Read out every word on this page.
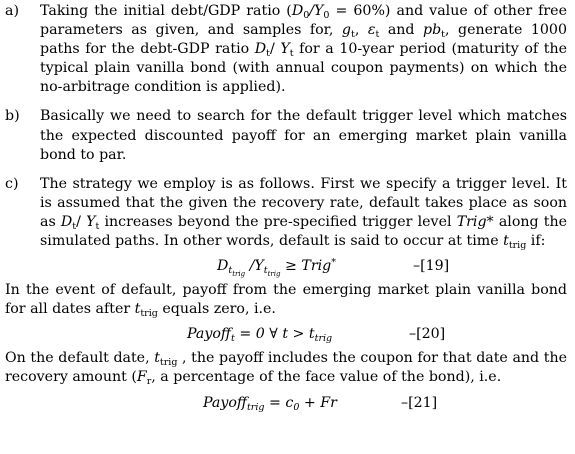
a)	Taking the initial debt/GDP ratio $(D_0/Y_0 = 60\%)$ and value of other free parameters as given, and samples for, $g_t$, $\varepsilon_t$ and $pb_t$, generate 1000 paths for the debt-GDP ratio $D_t/$ $Y_t$ for a 10-year period (maturity of the typical plain vanilla bond (with annual coupon payments) on which the no-arbitrage condition is applied).
b)	Basically we need to search for the default trigger level which matches the expected discounted payoff for an emerging market plain vanilla bond to par.
c)	The strategy we employ is as follows. First we specify a trigger level. It is assumed that the given the recovery rate, default takes place as soon as $D_t/$ $Y_t$ increases beyond the pre-specified trigger level Trig* along the simulated paths. In other words, default is said to occur at time $t_{trig}$ if:
$D_{t_{trig}}$ $/Y_{t_{trig}}$ ≥ Trig*	–[19]
In the event of default, payoff from the emerging market plain vanilla bond for all dates after $t_{trig}$ equals zero, i.e.
Payoff$_t$ = 0 ∀ $t > t_{trig}$	–[20]
On the default date, $t_{trig}$ , the payoff includes the coupon for that date and the recovery amount ($F_r$, a percentage of the face value of the bond), i.e.
Payoff$_{trig}$ = $c_0 + Fr$	–[21]
